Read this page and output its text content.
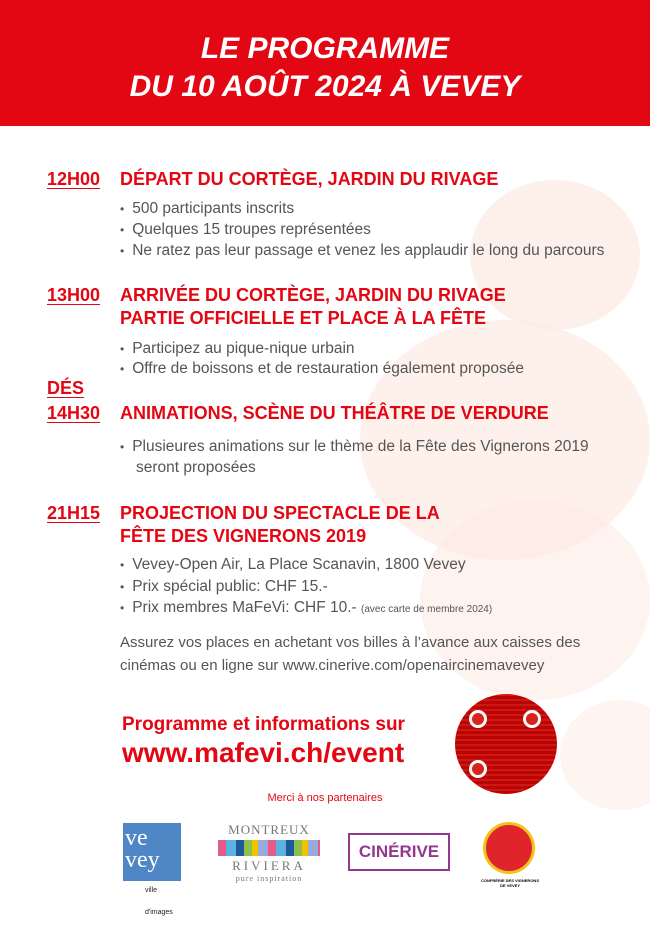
LE PROGRAMME
DU 10 AOÛT 2024 À VEVEY
12H00 DÉPART DU CORTÈGE, JARDIN DU RIVAGE
• 500 participants inscrits
• Quelques 15 troupes représentées
• Ne ratez pas leur passage et venez les applaudir le long du parcours
13H00 ARRIVÉE DU CORTÈGE, JARDIN DU RIVAGE
PARTIE OFFICIELLE ET PLACE À LA FÊTE
• Participez au pique-nique urbain
• Offre de boissons et de restauration également proposée
DÉS
14H30 ANIMATIONS, SCÈNE DU THÉÂTRE DE VERDURE
• Plusieures animations sur le thème de la Fête des Vignerons 2019
seront proposées
21H15 PROJECTION DU SPECTACLE DE LA
FÊTE DES VIGNERONS 2019
• Vevey-Open Air, La Place Scanavin, 1800 Vevey
• Prix spécial public: CHF 15.-
• Prix membres MaFeVi: CHF 10.- (avec carte de membre 2024)
Assurez vos places en achetant vos billes à l’avance aux caisses des
cinémas ou en ligne sur www.cinerive.com/openaircinemavevey
Programme et informations sur
www.mafevi.ch/event
Merci à nos partenaires
ve
vey
ville d'images
MONTREUX
RIVIERA
pure inspiration
CINÉRIVE
CONFRÉRIE DES VIGNERONS DE VEVEY
